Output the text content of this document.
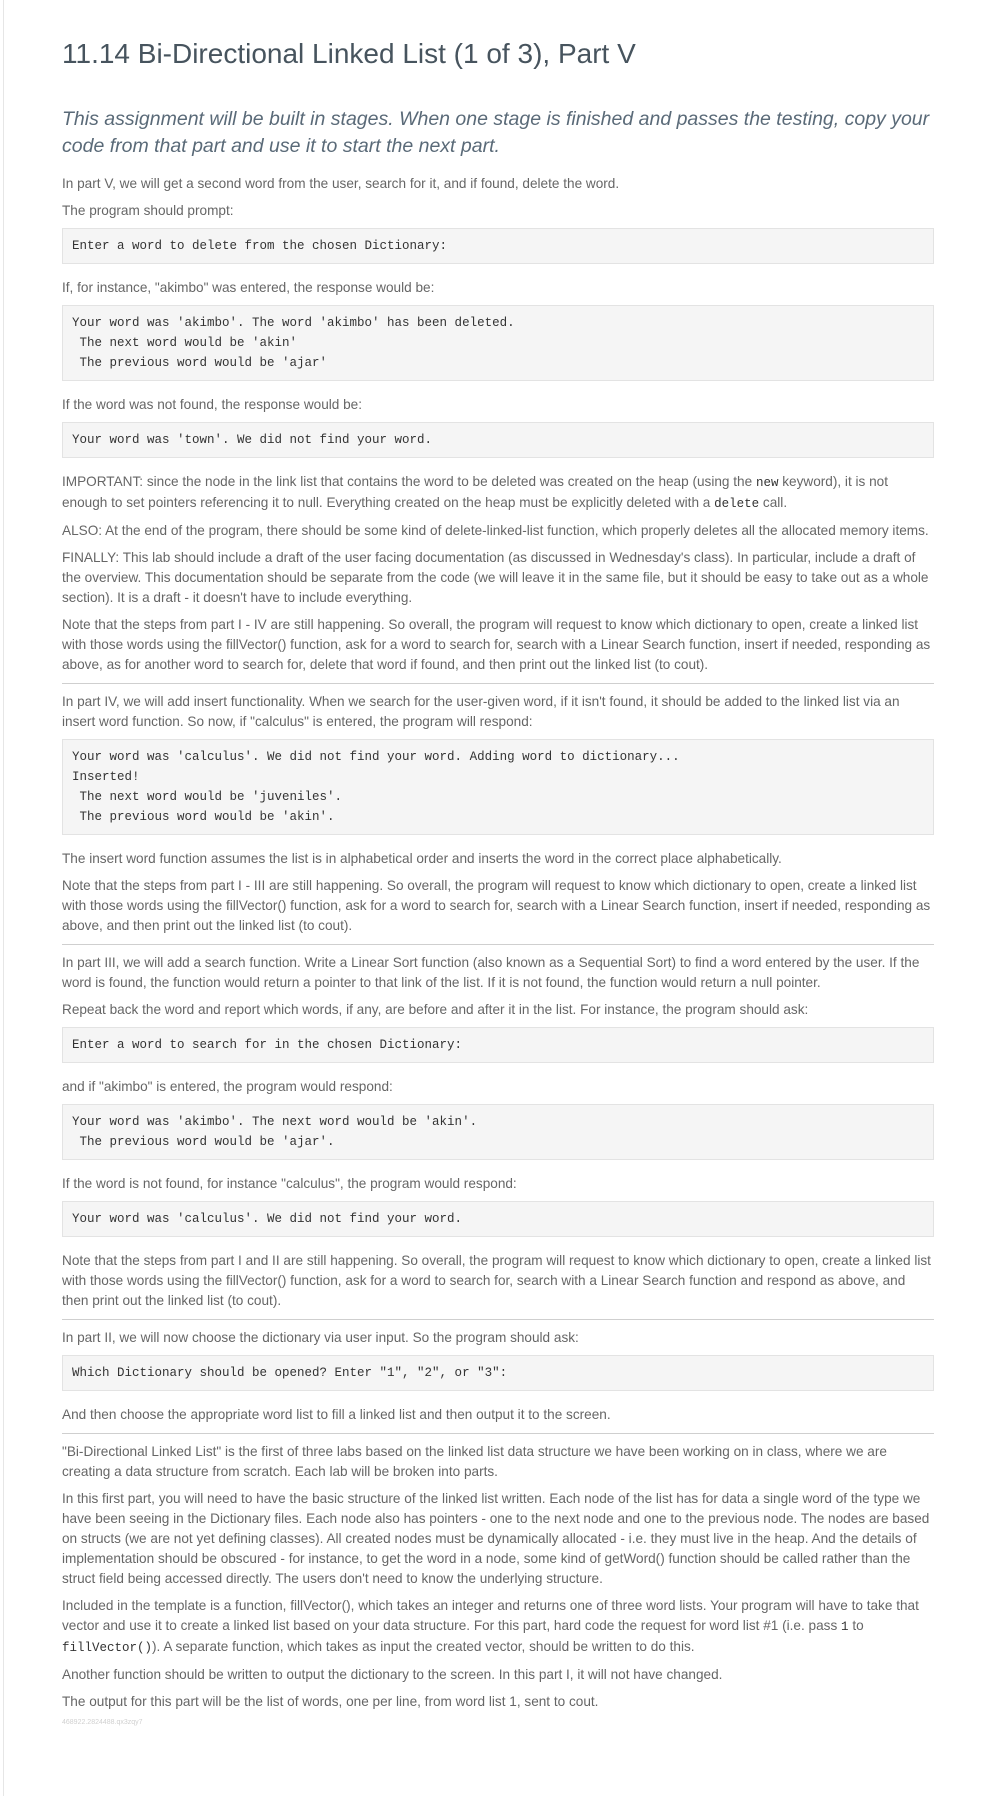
11.14 Bi-Directional Linked List (1 of 3), Part V
This assignment will be built in stages. When one stage is finished and passes the testing, copy your code from that part and use it to start the next part.

In part V, we will get a second word from the user, search for it, and if found, delete the word.

The program should prompt:

Enter a word to delete from the chosen Dictionary:

If, for instance, "akimbo" was entered, the response would be:

Your word was 'akimbo'. The word 'akimbo' has been deleted.
The next word would be 'akin'
The previous word would be 'ajar'

If the word was not found, the response would be:

Your word was 'town'. We did not find your word.

IMPORTANT: since the node in the link list that contains the word to be deleted was created on the heap (using the new keyword), it is not enough to set pointers referencing it to null. Everything created on the heap must be explicitly deleted with a delete call.

ALSO: At the end of the program, there should be some kind of delete-linked-list function, which properly deletes all the allocated memory items.

FINALLY: This lab should include a draft of the user facing documentation (as discussed in Wednesday's class). In particular, include a draft of the overview. This documentation should be separate from the code (we will leave it in the same file, but it should be easy to take out as a whole section). It is a draft - it doesn't have to include everything.

Note that the steps from part I - IV are still happening. So overall, the program will request to know which dictionary to open, create a linked list with those words using the fillVector() function, ask for a word to search for, search with a Linear Search function, insert if needed, responding as above, as for another word to search for, delete that word if found, and then print out the linked list (to cout).

In part IV, we will add insert functionality. When we search for the user-given word, if it isn't found, it should be added to the linked list via an insert word function. So now, if "calculus" is entered, the program will respond:

Your word was 'calculus'. We did not find your word. Adding word to dictionary...
Inserted!
The next word would be 'juveniles'.
The previous word would be 'akin'.

The insert word function assumes the list is in alphabetical order and inserts the word in the correct place alphabetically.

Note that the steps from part I - III are still happening. So overall, the program will request to know which dictionary to open, create a linked list with those words using the fillVector() function, ask for a word to search for, search with a Linear Search function, insert if needed, responding as above, and then print out the linked list (to cout).

In part III, we will add a search function. Write a Linear Sort function (also known as a Sequential Sort) to find a word entered by the user. If the word is found, the function would return a pointer to that link of the list. If it is not found, the function would return a null pointer.

Repeat back the word and report which words, if any, are before and after it in the list. For instance, the program should ask:

Enter a word to search for in the chosen Dictionary:

and if "akimbo" is entered, the program would respond:

Your word was 'akimbo'. The next word would be 'akin'.
The previous word would be 'ajar'.

If the word is not found, for instance "calculus", the program would respond:

Your word was 'calculus'. We did not find your word.

Note that the steps from part I and II are still happening. So overall, the program will request to know which dictionary to open, create a linked list with those words using the fillVector() function, ask for a word to search for, search with a Linear Search function and respond as above, and then print out the linked list (to cout).

In part II, we will now choose the dictionary via user input. So the program should ask:

Which Dictionary should be opened? Enter "1", "2", or "3":

And then choose the appropriate word list to fill a linked list and then output it to the screen.

"Bi-Directional Linked List" is the first of three labs based on the linked list data structure we have been working on in class, where we are creating a data structure from scratch. Each lab will be broken into parts.

In this first part, you will need to have the basic structure of the linked list written. Each node of the list has for data a single word of the type we have been seeing in the Dictionary files. Each node also has pointers - one to the next node and one to the previous node. The nodes are based on structs (we are not yet defining classes). All created nodes must be dynamically allocated - i.e. they must live in the heap. And the details of implementation should be obscured - for instance, to get the word in a node, some kind of getWord() function should be called rather than the struct field being accessed directly. The users don't need to know the underlying structure.

Included in the template is a function, fillVector(), which takes an integer and returns one of three word lists. Your program will have to take that vector and use it to create a linked list based on your data structure. For this part, hard code the request for word list #1 (i.e. pass 1 to fillVector()). A separate function, which takes as input the created vector, should be written to do this.

Another function should be written to output the dictionary to the screen. In this part I, it will not have changed.

The output for this part will be the list of words, one per line, from word list 1, sent to cout.

468922.2824488.qx3zqy7
